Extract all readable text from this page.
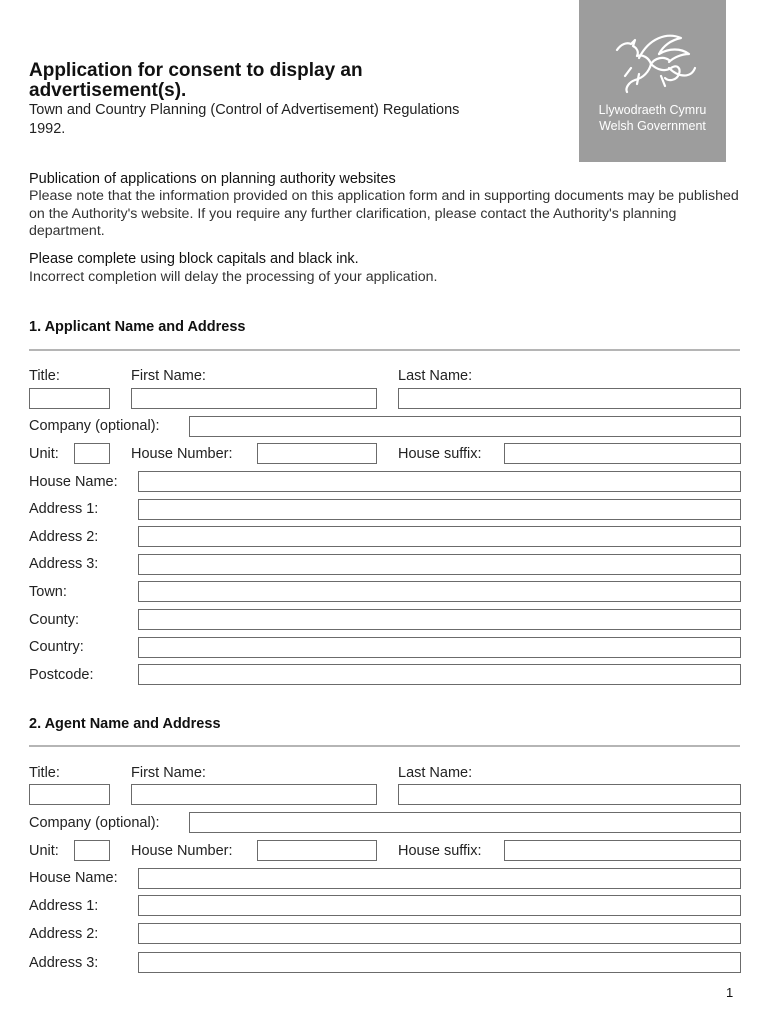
Application for consent to display an advertisement(s).
Town and Country Planning (Control of Advertisement) Regulations 1992.
Llywodraeth Cymru
Welsh Government
Publication of applications on planning authority websites
Please note that the information provided on this application form and in supporting documents may be published on the Authority's website. If you require any further clarification, please contact the Authority's planning department.
Please complete using block capitals and black ink.
Incorrect completion will delay the processing of your application.
1. Applicant Name and Address
Title:	First Name:	Last Name:
Company (optional):
Unit:	House Number:	House suffix:
House Name:
Address 1:
Address 2:
Address 3:
Town:
County:
Country:
Postcode:
2. Agent Name and Address
Title:	First Name:	Last Name:
Company (optional):
Unit:	House Number:	House suffix:
House Name:
Address 1:
Address 2:
Address 3:
1
